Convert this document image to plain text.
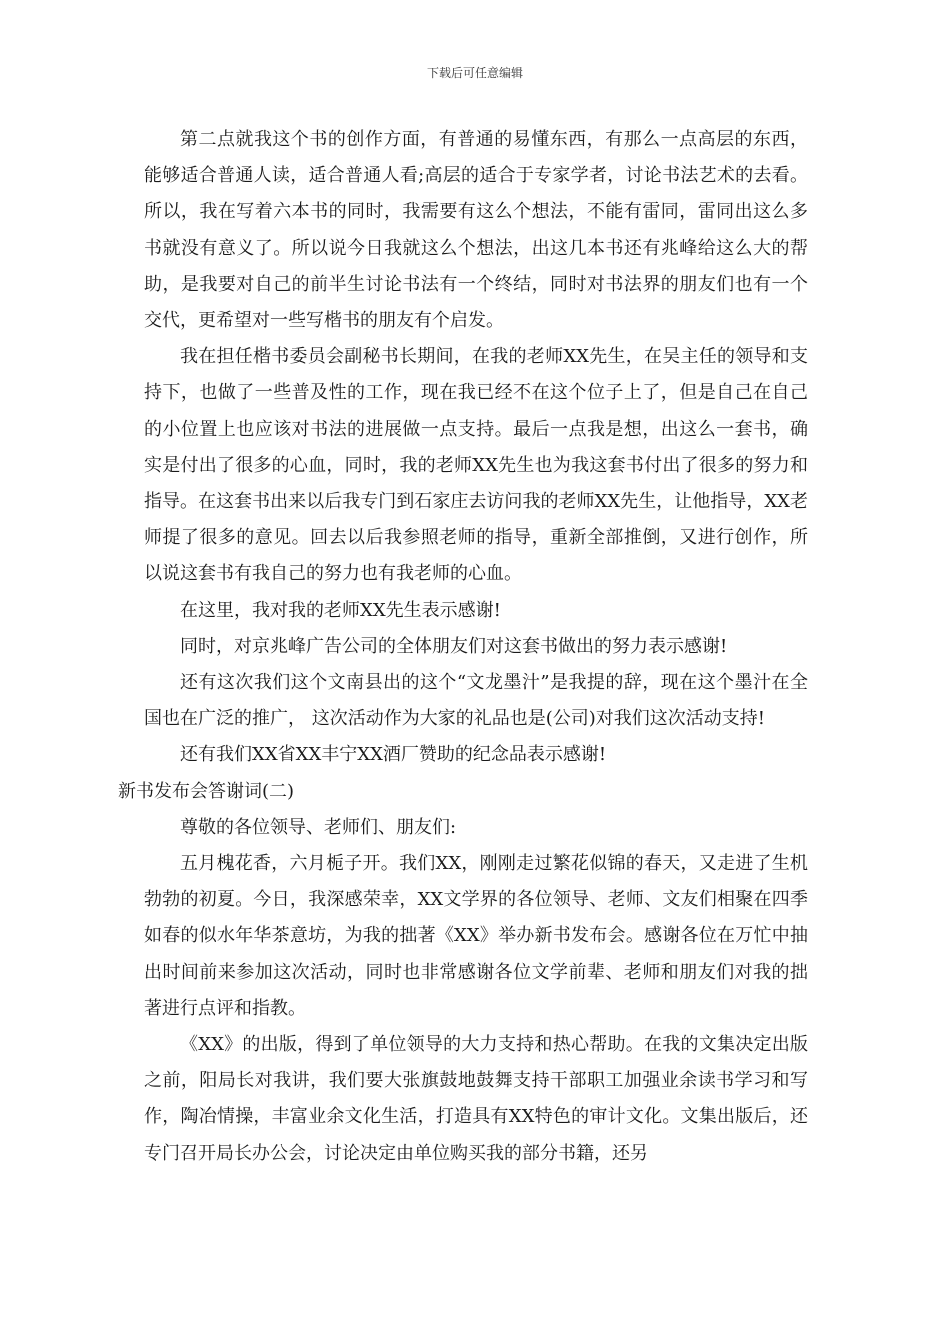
下载后可任意编辑

第二点就我这个书的创作方面，有普通的易懂东西，有那么一点高层的东西，能够适合普通人读，适合普通人看;高层的适合于专家学者，讨论书法艺术的去看。所以，我在写着六本书的同时，我需要有这么个想法，不能有雷同，雷同出这么多书就没有意义了。所以说今日我就这么个想法，出这几本书还有兆峰给这么大的帮助，是我要对自己的前半生讨论书法有一个终结，同时对书法界的朋友们也有一个交代，更希望对一些写楷书的朋友有个启发。

我在担任楷书委员会副秘书长期间，在我的老师XX先生，在吴主任的领导和支持下，也做了一些普及性的工作，现在我已经不在这个位子上了，但是自己在自己的小位置上也应该对书法的进展做一点支持。最后一点我是想，出这么一套书，确实是付出了很多的心血，同时，我的老师XX先生也为我这套书付出了很多的努力和指导。在这套书出来以后我专门到石家庄去访问我的老师XX先生，让他指导，XX老师提了很多的意见。回去以后我参照老师的指导，重新全部推倒，又进行创作，所以说这套书有我自己的努力也有我老师的心血。

在这里，我对我的老师XX先生表示感谢!

同时，对京兆峰广告公司的全体朋友们对这套书做出的努力表示感谢!

还有这次我们这个文南县出的这个“文龙墨汁”是我提的辞，现在这个墨汁在全国也在广泛的推广， 这次活动作为大家的礼品也是(公司)对我们这次活动支持!

还有我们XX省XX丰宁XX酒厂赞助的纪念品表示感谢!

新书发布会答谢词(二)

尊敬的各位领导、老师们、朋友们:

五月槐花香，六月栀子开。我们XX，刚刚走过繁花似锦的春天，又走进了生机勃勃的初夏。今日，我深感荣幸，XX文学界的各位领导、老师、文友们相聚在四季如春的似水年华茶意坊，为我的拙著《XX》举办新书发布会。感谢各位在万忙中抽出时间前来参加这次活动，同时也非常感谢各位文学前辈、老师和朋友们对我的拙著进行点评和指教。

《XX》的出版，得到了单位领导的大力支持和热心帮助。在我的文集决定出版之前，阳局长对我讲，我们要大张旗鼓地鼓舞支持干部职工加强业余读书学习和写作，陶冶情操，丰富业余文化生活，打造具有XX特色的审计文化。文集出版后，还专门召开局长办公会，讨论决定由单位购买我的部分书籍，还另
